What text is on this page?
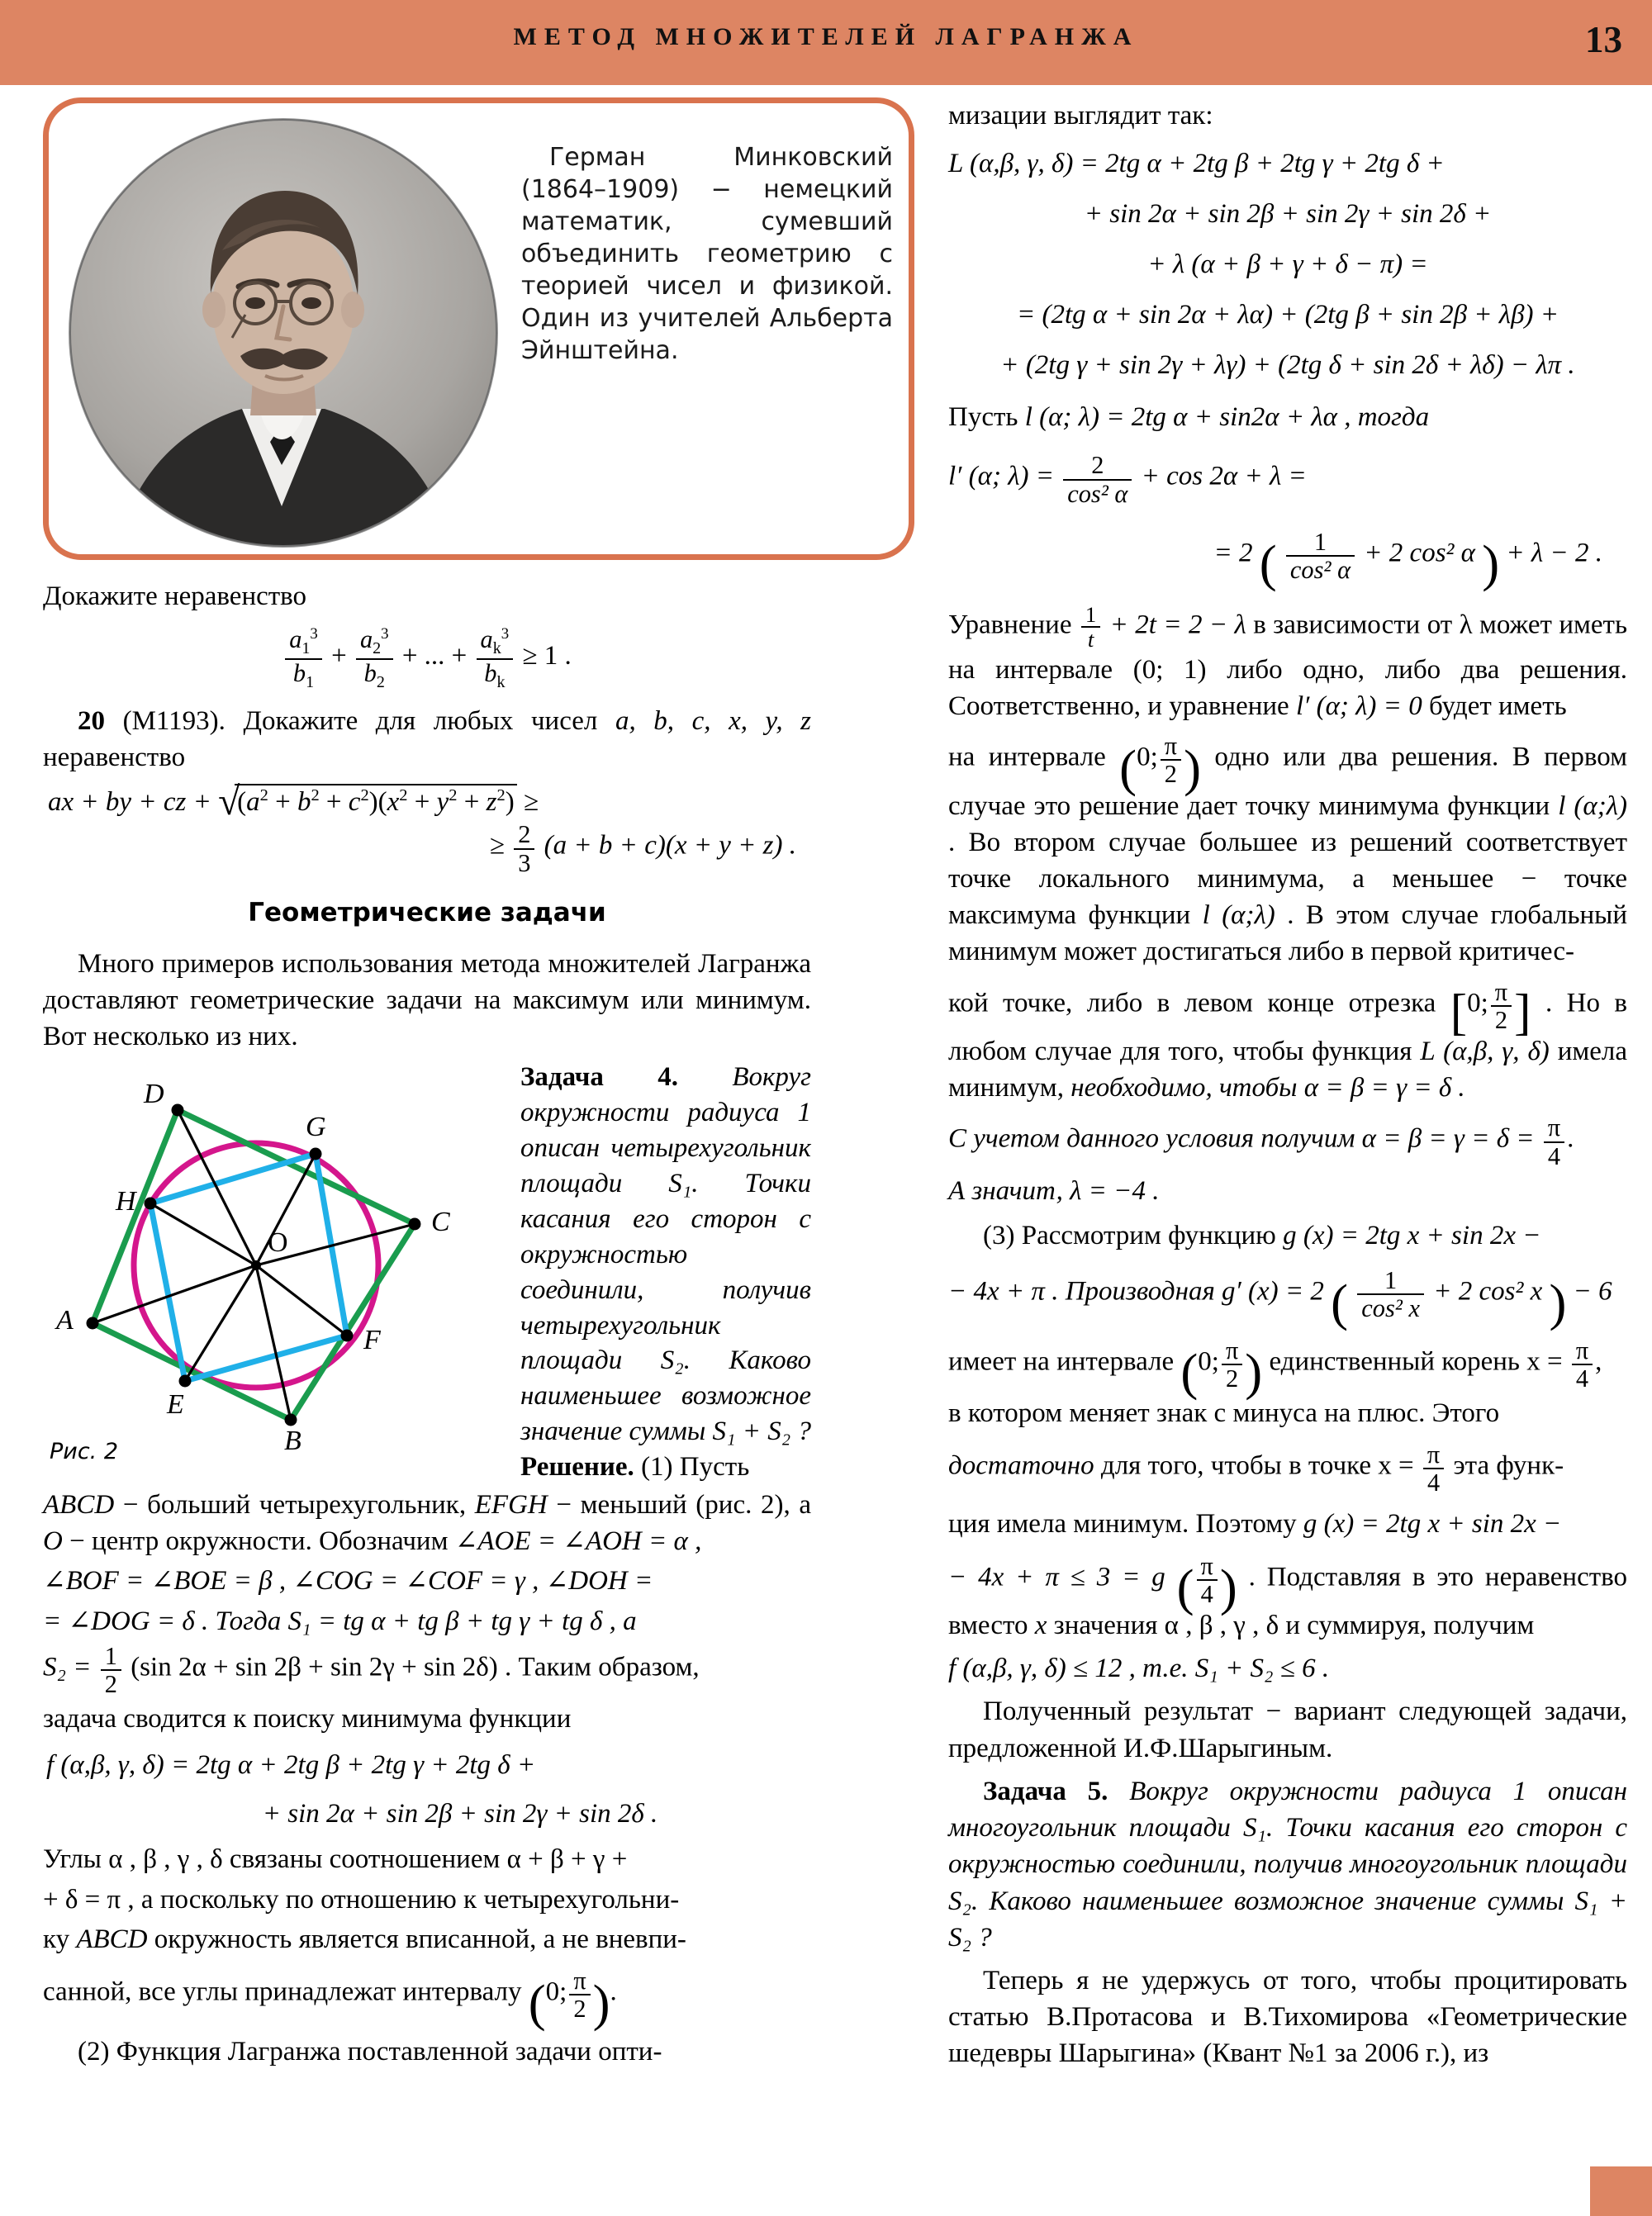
МЕТОД МНОЖИТЕЛЕЙ ЛАГРАНЖА	13
Герман Минковский (1864–1909) − немецкий математик, сумевший объединить геометрию с теорией чисел и физикой. Один из учителей Альберта Эйнштейна.

Докажите неравенство

$\frac{a_1^3}{b_1} + \frac{a_2^3}{b_2}$ + ... + $\frac{a_k^3}{b_k} \ge 1$ .

20 (M1193). Докажите для любых чисел a, b, c, x, y, z неравенство

ax + by + cz + √ $(a^2 + b^2 + c^2)(x^2 + y^2 + z^2)$ ≥
≥ $\frac{2}{3} (a + b + c)(x + y + z)$ .
Геометрические задачи

Много примеров использования метода множителей Лагранжа доставляют геометрические задачи на максимум или минимум. Вот несколько из них.

A
B
C
D
E
F
G
H
O
Рис. 2
Задача 4. Вокруг окружности радиуса 1 описан четырехугольник площади S₁. Точки касания его сторон с окружностью соединили, получив четырехугольник площади S₂. Каково наименьшее возможное значение суммы S₁ + S₂ ? Решение. (1) Пусть

ABCD − больший четырехугольник, EFGH − меньший (рис. 2), а O − центр окружности. Обозначим ∠AOE = ∠AOH = α ,

∠BOF = ∠BOE = β , ∠COG = ∠COF = γ , ∠DOH =

= ∠DOG = δ . Тогда S₁ = tg α + tg β + tg γ + tg δ , а

$S_2 = \frac{1}{2} (\sin$ 2α + sin 2β + sin 2γ + sin 2δ) . Таким образом,

задача сводится к поиску минимума функции

f (α,β, γ, δ) = 2tg α + 2tg β + 2tg γ + 2tg δ +
+ sin 2α + sin 2β + sin 2γ + sin 2δ .

Углы α , β , γ , δ связаны соотношением α + β + γ +

+ δ = π , а поскольку по отношению к четырехугольни-

ку ABCD окружность является вписанной, а не вневпи-

санной, все углы принадлежат интервалу (0; $\frac{\pi}{2}$ ).

(2) Функция Лагранжа поставленной задачи опти-

мизации выглядит так:

L (α,β, γ, δ) = 2tg α + 2tg β + 2tg γ + 2tg δ +
+ sin 2α + sin 2β + sin 2γ + sin 2δ +
+ λ (α + β + γ + δ − π) =
= (2tg α + sin 2α + λα) + (2tg β + sin 2β + λβ) +
+ (2tg γ + sin 2γ + λγ) + (2tg δ + sin 2δ + λδ) − λπ .

Пусть l (α; λ) = 2tg α + sin2α + λα , тогда

l′ (α; $\lambda) = \frac{2}{\text{cos² α}} + \cos 2\alpha + \lambda$ =
= 2 ( $\frac{1}{\text{cos² α}} + 2$ cos² α ) + λ − 2 .

Уравнение $\frac{1}{t} + 2t = 2 - \lambda$ в зависимости от λ может иметь на интервале (0; 1) либо одно, либо два решения. Соответственно, и уравнение l′ (α; λ) = 0 будет иметь

на интервале (0; $\frac{\pi}{2}$ ) одно или два решения. В первом случае это решение дает точку минимума функции l (α;λ) . Во втором случае большее из решений соответствует точке локального минимума, а меньшее − точке максимума функции l (α;λ) . В этом случае глобальный минимум может достигаться либо в первой критичес-

кой точке, либо в левом конце отрезка [0; $\frac{\pi}{2}$ ] . Но в любом случае для того, чтобы функция L (α,β, γ, δ) имела минимум, необходимо, чтобы α = β = γ = δ .

С учетом данного условия получим $\alpha = \beta = \gamma = \delta = \frac{\pi}{4}$ .

А значит, λ = −4 .

(3) Рассмотрим функцию g (x) = 2tg x + sin 2x −

− 4x + π . Производная g′ (x) = 2 ( $\frac{1}{\text{cos² x}} + 2$ cos² x ) − 6

имеет на интервале (0; $\frac{\pi}{2}$ ) единственный корень $x = \frac{\pi}{4}$ ,

в котором меняет знак с минуса на плюс. Этого

достаточно для того, чтобы в точке $x = \frac{\pi}{4}$ эта функ-

ция имела минимум. Поэтому g (x) = 2tg x + sin 2x −

− 4x + π ≤ 3 = g ( $\frac{\pi}{4}$ ) . Подставляя в это неравенство вместо x значения α , β , γ , δ и суммируя, получим

f (α,β, γ, δ) ≤ 12 , т.е. S₁ + S₂ ≤ 6 .

Полученный результат − вариант следующей задачи, предложенной И.Ф.Шарыгиным.

Задача 5. Вокруг окружности радиуса 1 описан многоугольник площади S₁. Точки касания его сторон с окружностью соединили, получив многоугольник площади S₂. Каково наименьшее возможное значение суммы S₁ + S₂ ?

Теперь я не удержусь от того, чтобы процитировать статью В.Протасова и В.Тихомирова «Геометрические шедевры Шарыгина» (Квант №1 за 2006 г.), из
